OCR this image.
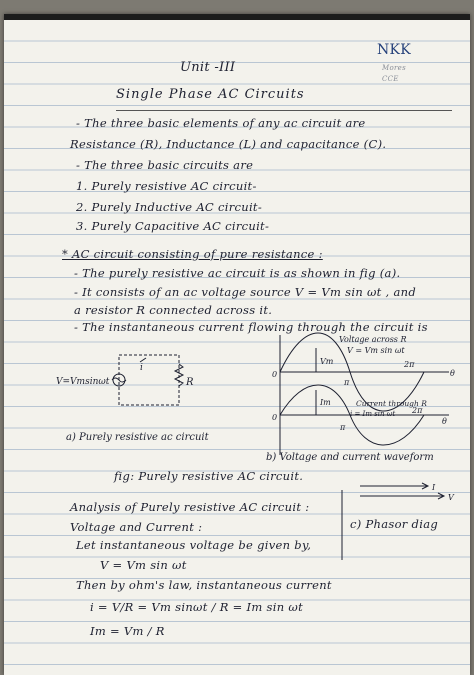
Unit -III
Single Phase AC Circuits
NKK
Mores
CCE
- The three basic elements of any ac circuit are
Resistance (R), Inductance (L) and capacitance (C).
- The three basic circuits are
1. Purely resistive AC circuit-
2. Purely Inductive AC circuit-
3. Purely Capacitive AC circuit-
* AC circuit consisting of pure resistance :
- The purely resistive ac circuit is as shown in fig (a).
- It consists of an ac voltage source V = Vm sin ωt , and
a resistor R connected across it.
- The instantaneous current flowing through the circuit is
V=Vmsinωt
i
R
a) Purely resistive ac circuit
0
0
Vm
Im
Voltage across R
V = Vm sin ωt
Current through R
i = Im sin ωt
π
2π
π
2π
θ
θ
b) Voltage and current waveform
I
V
fig: Purely resistive AC circuit.
c) Phasor diag
Analysis of Purely resistive AC circuit :
Voltage and Current :
Let instantaneous voltage be given by,
V = Vm sin ωt
Then by ohm's law, instantaneous current
i = V/R = Vm sinωt / R = Im sin ωt
Im = Vm / R
